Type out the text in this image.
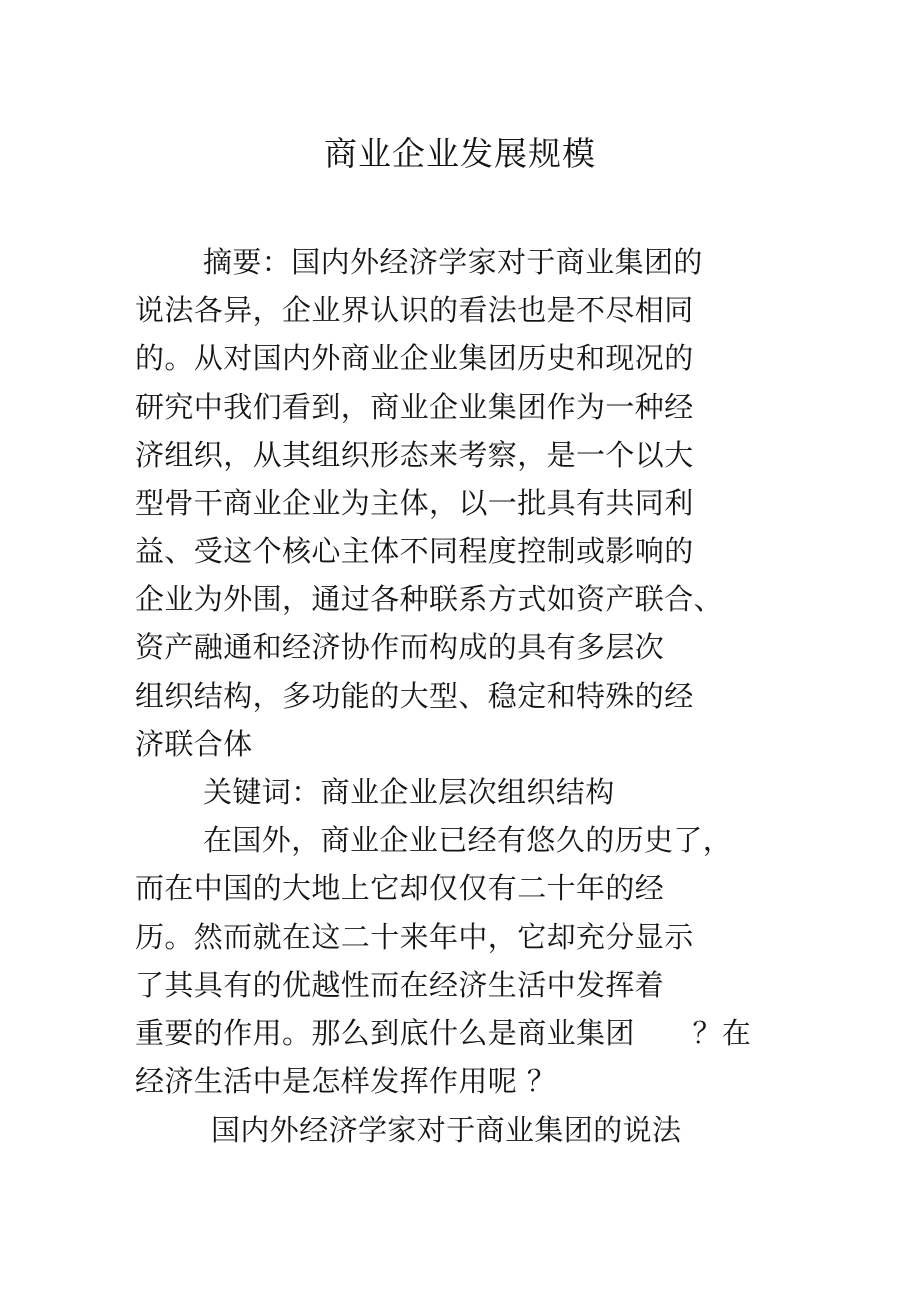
商业企业发展规模
摘要：国内外经济学家对于商业集团的
说法各异，企业界认识的看法也是不尽相同
的。从对国内外商业企业集团历史和现况的
研究中我们看到，商业企业集团作为一种经
济组织，从其组织形态来考察，是一个以大
型骨干商业企业为主体，以一批具有共同利
益、受这个核心主体不同程度控制或影响的
企业为外围，通过各种联系方式如资产联合、
资产融通和经济协作而构成的具有多层次
组织结构，多功能的大型、稳定和特殊的经
济联合体
关键词：商业企业层次组织结构
在国外，商业企业已经有悠久的历史了，
而在中国的大地上它却仅仅有二十年的经
历。然而就在这二十来年中，它却充分显示
了其具有的优越性而在经济生活中发挥着
重要的作用。那么到底什么是商业集团      ？在
经济生活中是怎样发挥作用呢 ？
国内外经济学家对于商业集团的说法
